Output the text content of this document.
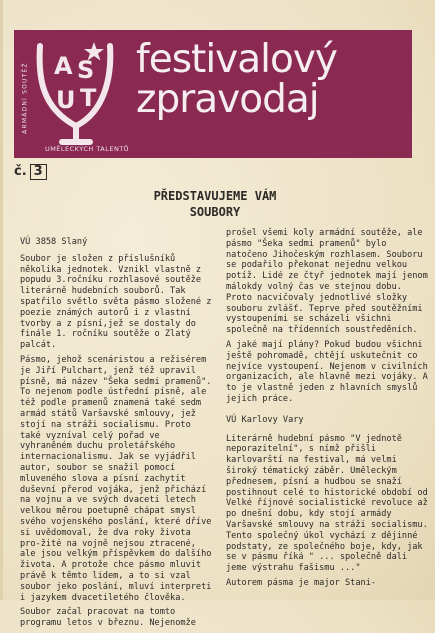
ARMÁDNÍ SOUTĚŽ A S
U T
UMĚLECKÝCH TALENTŮ
festivalový
zpravodaj
č. 3
PŘEDSTAVUJEME VÁM
SOUBORY

VÚ 3858 Slaný

Soubor je složen z příslušníků několika jednotek. Vznikl vlastně z popudu 3.ročníku rozhlasové soutěže literárně hudebních souborů. Tak spatřilo světlo světa pásmo složené z poezie známých autorů i z vlastní tvorby a z písní,jež se dostaly do finále 1. ročníku soutěže o Zlatý palcát.

Pásmo, jehož scenáristou a režisérem je Jiří Pulchart, jenž též upravil písně, má název "Šeka sedmi pramenů". To nejenom podle ústřední písně, ale též podle pramenů znamená také sedm armád států Varšavské smlouvy, jež stojí na stráži socialismu. Proto také vyzníval celý pořad ve vyhraněném duchu proletářského internacionalismu. Jak se vyjádřil autor, soubor se snažil pomocí mluveného slova a písní zachytit duševní přerod vojáka, jenž přichází na vojnu a ve svých dvaceti letech velkou měrou poetupně chápat smysl svého vojenského poslání, které dříve si uvědomoval, že dva roky života pro-žité na vojně nejsou ztracené, ale jsou velkým příspěvkem do dalšího života. A protože chce pásmo mluvit právě k těmto lidem, a to si vzal soubor jeko poslání, mluví interpreti i jazykem dvacetiletého člověka.

Soubor začal pracovat na tomto programu letos v březnu. Nejenomže

prošel všemi koly armádní soutěže, ale pásmo "Šeka sedmi pramenů" bylo natočeno Jihočeským rozhlasem. Souboru se podařilo překonat nejednu velkou potíž. Lidé ze čtyř jednotek mají jenom málokdy volný čas ve stejnou dobu. Proto nacvičovaly jednotlivé složky souboru zvlášť. Teprve před soutěžními vystoupeními se scházeli všichni společně na třídenních soustředěních.

A jaké mají plány? Pokud budou všichni ještě pohromadě, chtějí uskutečnit co nejvíce vystoupení. Nejenom v civilních organizacích, ale hlavně mezi vojáky. A to je vlastně jeden z hlavních smyslů jejich práce.

VÚ Karlovy Vary

Literárně hudební pásmo "V jednotě neporazitelní", s nímž přišli karlovarští na festival, má velmi široký tématický záběr. Uměleckým přednesem, písní a hudbou se snaží postihnout celé to historické období od Velké říjnové socialistické revoluce až po dnešní dobu, kdy stojí armády Varšavské smlouvy na stráži socialismu. Tento společný úkol vychází z dějinné podstaty, ze společného boje, kdy, jak se v pásmu říká " ... společně dali jeme výstrahu fašismu ..."

Autorem pásma je major Stani-
